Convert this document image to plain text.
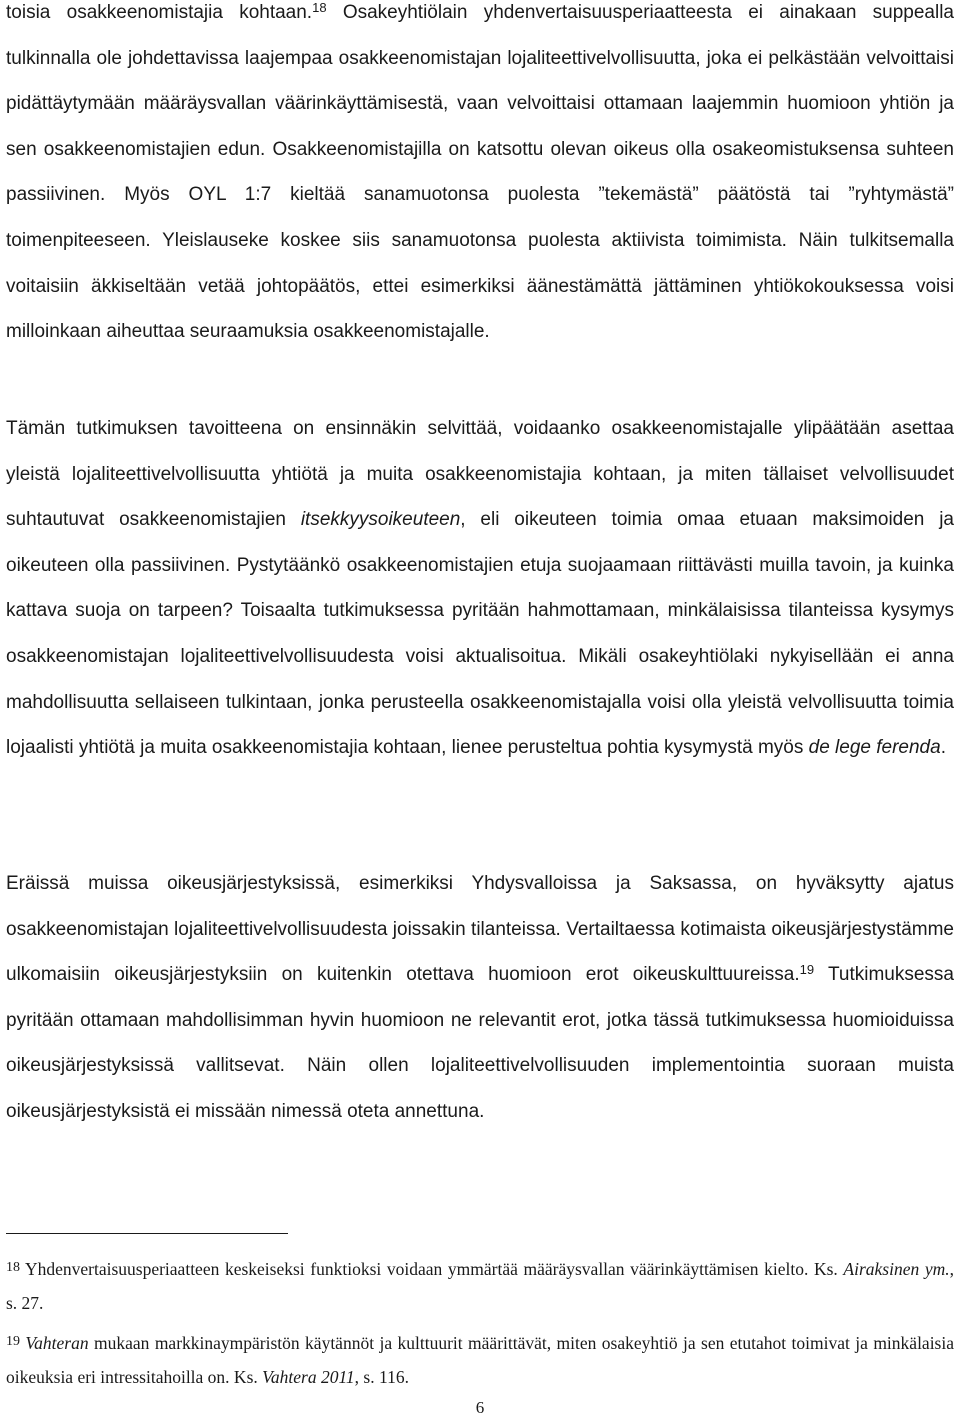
toisia osakkeenomistajia kohtaan.$^{18}$ Osakeyhtiölain yhdenvertaisuusperiaatteesta ei ainakaan suppealla tulkinnalla ole johdettavissa laajempaa osakkeenomistajan lojaliteettivelvollisuutta, joka ei pelkästään velvoittaisi pidättäytymään määräysvallan väärinkäyttämisestä, vaan velvoittaisi ottamaan laajemmin huomioon yhtiön ja sen osakkeenomistajien edun. Osakkeenomistajilla on katsottu olevan oikeus olla osakeomistuksensa suhteen passiivinen. Myös OYL 1:7 kieltää sanamuotonsa puolesta ”tekemästä” päätöstä tai ”ryhtymästä” toimenpiteeseen. Yleislauseke koskee siis sanamuotonsa puolesta aktiivista toimimista. Näin tulkitsemalla voitaisiin äkkiseltään vetää johtopäätös, ettei esimerkiksi äänestämättä jättäminen yhtiökokouksessa voisi milloinkaan aiheuttaa seuraamuksia osakkeenomistajalle.

Tämän tutkimuksen tavoitteena on ensinnäkin selvittää, voidaanko osakkeenomistajalle ylipäätään asettaa yleistä lojaliteettivelvollisuutta yhtiötä ja muita osakkeenomistajia kohtaan, ja miten tällaiset velvollisuudet suhtautuvat osakkeenomistajien itsekkyysoikeuteen, eli oikeuteen toimia omaa etuaan maksimoiden ja oikeuteen olla passiivinen. Pystytäänkö osakkeenomistajien etuja suojaamaan riittävästi muilla tavoin, ja kuinka kattava suoja on tarpeen? Toisaalta tutkimuksessa pyritään hahmottamaan, minkälaisissa tilanteissa kysymys osakkeenomistajan lojaliteettivelvollisuudesta voisi aktualisoitua. Mikäli osakeyhtiölaki nykyisellään ei anna mahdollisuutta sellaiseen tulkintaan, jonka perusteella osakkeenomistajalla voisi olla yleistä velvollisuutta toimia lojaalisti yhtiötä ja muita osakkeenomistajia kohtaan, lienee perusteltua pohtia kysymystä myös de lege ferenda.

Eräissä muissa oikeusjärjestyksissä, esimerkiksi Yhdysvalloissa ja Saksassa, on hyväksytty ajatus osakkeenomistajan lojaliteettivelvollisuudesta joissakin tilanteissa. Vertailtaessa kotimaista oikeusjärjestystämme ulkomaisiin oikeusjärjestyksiin on kuitenkin otettava huomioon erot oikeuskulttuureissa.$^{19}$ Tutkimuksessa pyritään ottamaan mahdollisimman hyvin huomioon ne relevantit erot, jotka tässä tutkimuksessa huomioiduissa oikeusjärjestyksissä vallitsevat. Näin ollen lojaliteettivelvollisuuden implementointia suoraan muista oikeusjärjestyksistä ei missään nimessä oteta annettuna.

$^{18}$ Yhdenvertaisuusperiaatteen keskeiseksi funktioksi voidaan ymmärtää määräysvallan väärinkäyttämisen kielto. Ks. Airaksinen ym., s. 27.

$^{19}$ Vahteran mukaan markkinaympäristön käytännöt ja kulttuurit määrittävät, miten osakeyhtiö ja sen etutahot toimivat ja minkälaisia oikeuksia eri intressitahoilla on. Ks. Vahtera 2011, s. 116.

6
